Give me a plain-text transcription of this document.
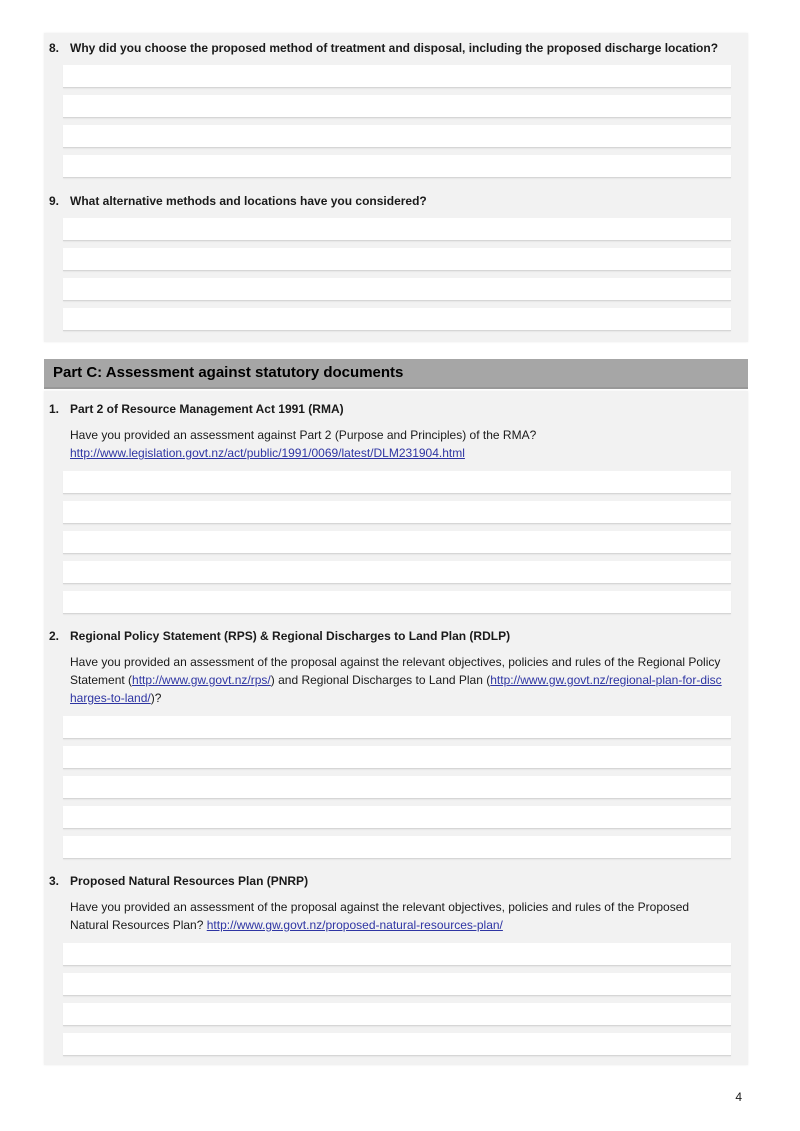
8. Why did you choose the proposed method of treatment and disposal, including the proposed discharge location?
9. What alternative methods and locations have you considered?
Part C: Assessment against statutory documents
1. Part 2 of Resource Management Act 1991 (RMA)

Have you provided an assessment against Part 2 (Purpose and Principles) of the RMA?
http://www.legislation.govt.nz/act/public/1991/0069/latest/DLM231904.html

2. Regional Policy Statement (RPS) & Regional Discharges to Land Plan (RDLP)

Have you provided an assessment of the proposal against the relevant objectives, policies and rules of the Regional Policy Statement (http://www.gw.govt.nz/rps/) and Regional Discharges to Land Plan (http://www.gw.govt.nz/regional-plan-for-discharges-to-land/)?

3. Proposed Natural Resources Plan (PNRP)

Have you provided an assessment of the proposal against the relevant objectives, policies and rules of the Proposed Natural Resources Plan? http://www.gw.govt.nz/proposed-natural-resources-plan/

4
